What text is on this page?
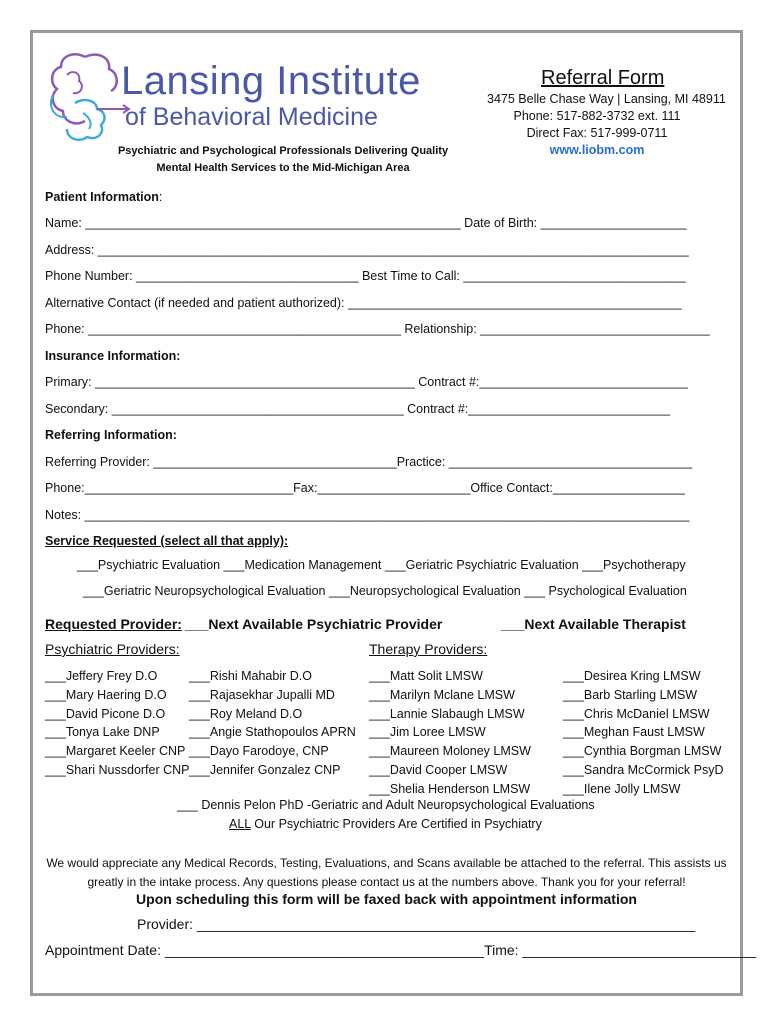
Lansing Institute
of Behavioral Medicine
Psychiatric and Psychological Professionals Delivering Quality
Mental Health Services to the Mid-Michigan Area
Referral Form
3475 Belle Chase Way | Lansing, MI 48911
Phone: 517-882-3732 ext. 111
Direct Fax: 517-999-0711
www.liobm.com
Patient Information:
Name: ______________________________________________________ Date of Birth: _____________________
Address: _____________________________________________________________________________________
Phone Number: ________________________________ Best Time to Call: ________________________________
Alternative Contact (if needed and patient authorized): ________________________________________________
Phone: _____________________________________________ Relationship: _________________________________
Insurance Information:
Primary: ______________________________________________ Contract #:______________________________
Secondary: __________________________________________ Contract #:_____________________________
Referring Information:
Referring Provider: ___________________________________Practice: ___________________________________
Phone:______________________________Fax:______________________Office Contact:___________________
Notes: _______________________________________________________________________________________
Service Requested (select all that apply):
___Psychiatric Evaluation ___Medication Management ___Geriatric Psychiatric Evaluation ___Psychotherapy
___Geriatric Neuropsychological Evaluation ___Neuropsychological Evaluation ___ Psychological Evaluation
Requested Provider: ___Next Available Psychiatric Provider	___Next Available Therapist
Psychiatric Providers:	Therapy Providers:
___Jeffery Frey D.O
___Mary Haering D.O
___David Picone D.O
___Tonya Lake DNP
___Margaret Keeler CNP
___Shari Nussdorfer CNP
___Rishi Mahabir D.O
___Rajasekhar Jupalli MD
___Roy Meland D.O
___Angie Stathopoulos APRN
___Dayo Farodoye, CNP
___Jennifer Gonzalez CNP
___Matt Solit LMSW
___Marilyn Mclane LMSW
___Lannie Slabaugh LMSW
___Jim Loree LMSW
___Maureen Moloney LMSW
___David Cooper LMSW
___Shelia Henderson LMSW
___Desirea Kring LMSW
___Barb Starling LMSW
___Chris McDaniel LMSW
___Meghan Faust LMSW
___Cynthia Borgman LMSW
___Sandra McCormick PsyD
___Ilene Jolly LMSW
___ Dennis Pelon PhD -Geriatric and Adult Neuropsychological Evaluations
ALL Our Psychiatric Providers Are Certified in Psychiatry
We would appreciate any Medical Records, Testing, Evaluations, and Scans available be attached to the referral. This assists us
greatly in the intake process. Any questions please contact us at the numbers above. Thank you for your referral!
Upon scheduling this form will be faxed back with appointment information
Provider: ________________________________________________________________
Appointment Date: _________________________________________Time: ______________________________
